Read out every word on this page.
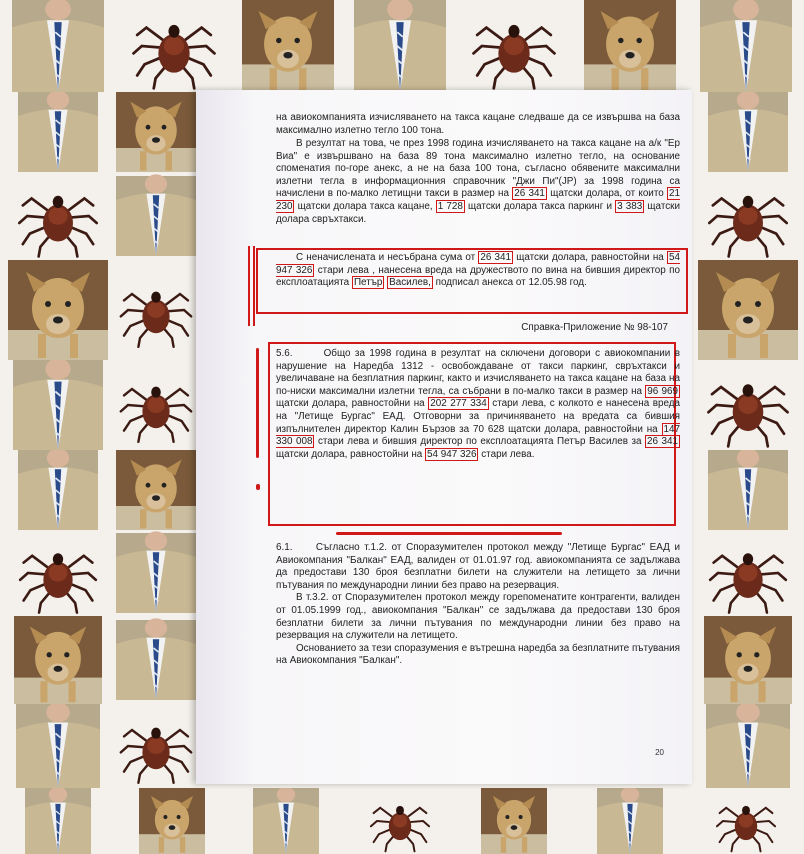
на авиокомпанията изчисляването на такса кацане следваше да се извършва на база максимално излетно тегло 100 тона.

В резултат на това, че през 1998 година изчисляването на такса кацане на а/к "Ер Виа" е извършвано на база 89 тона максимално излетно тегло, на основание споменатия по-горе анекс, а не на база 100 тона, съгласно обявените максимални излетни тегла в информационния справочник "Джи Пи"(JP) за 1998 година са начислени в по-малко летищни такси в размер на 26 341 щатски долара, от които 21 230 щатски долара такса кацане, 1 728 щатски долара такса паркинг и 3 383 щатски долара свръхтакси.

С неначислената и несъбрана сума от 26 341 щатски долара, равностойни на 54 947 326 стари лева , нанесена вреда на дружеството по вина на бившия директор по експлоатацията Петър Василев, подписал анекса от 12.05.98 год.

Справка-Приложение № 98-107

5.6.	Общо за 1998 година в резултат на сключени договори с авиокомпании в нарушение на Наредба 1312 - освобождаване от такси паркинг, свръхтакси и увеличаване на безплатния паркинг, както и изчисляването на такса кацане на база на по-ниски максимални излетни тегла, са събрани в по-малко такси в размер на 96 969 щатски долара, равностойни на 202 277 334 стари лева, с колкото е нанесена вреда на "Летище Бургас" ЕАД. Отговорни за причиняването на вредата са бившия изпълнителен директор Калин Бързов за 70 628 щатски долара, равностойни на 147 330 008 стари лева и бившия директор по експлоатацията Петър Василев за 26 341 щатски долара, равностойни на 54 947 326 стари лева.

6.1. Съгласно т.1.2. от Споразумителен протокол между "Летище Бургас" ЕАД и Авиокомпания "Балкан" ЕАД, валиден от 01.01.97 год. авиокомпанията се задължава да предостави 130 броя безплатни билети на служители на летището за лични пътувания по международни линии без право на резервация.

В т.3.2. от Споразумителен протокол между горепоменатите контрагенти, валиден от 01.05.1999 год., авиокомпания "Балкан" се задължава да предостави 130 броя безплатни билети за лични пътувания по международни линии без право на резервация на служители на летището.

Основанието за тези споразумения е вътрешна наредба за безплатните пътувания на Авиокомпания "Балкан".

20
